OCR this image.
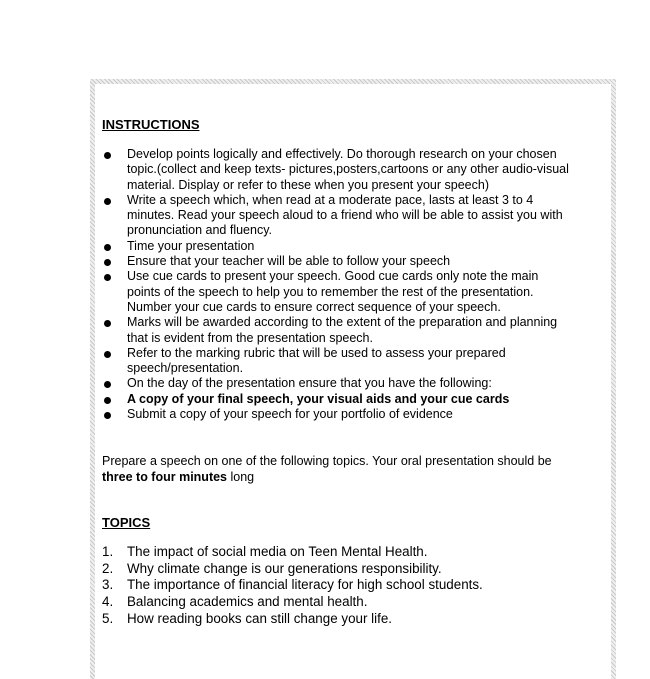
INSTRUCTIONS
Develop points logically and effectively. Do thorough research on your chosen
topic.(collect and keep texts- pictures,posters,cartoons or any other audio-visual
material. Display or refer to these when you present your speech)
Write a speech which, when read at a moderate pace, lasts at least 3 to 4
minutes. Read your speech aloud to a friend who will be able to assist you with
pronunciation and fluency.
Time your presentation
Ensure that your teacher will be able to follow your speech
Use cue cards to present your speech. Good cue cards only note the main
points of the speech to help you to remember the rest of the presentation.
Number your cue cards to ensure correct sequence of your speech.
Marks will be awarded according to the extent of the preparation and planning
that is evident from the presentation speech.
Refer to the marking rubric that will be used to assess your prepared
speech/presentation.
On the day of the presentation ensure that you have the following:
A copy of your final speech, your visual aids and your cue cards
Submit a copy of your speech for your portfolio of evidence
Prepare a speech on one of the following topics. Your oral presentation should be
three to four minutes long
TOPICS
1. The impact of social media on Teen Mental Health.
2. Why climate change is our generations responsibility.
3. The importance of financial literacy for high school students.
4. Balancing academics and mental health.
5. How reading books can still change your life.
